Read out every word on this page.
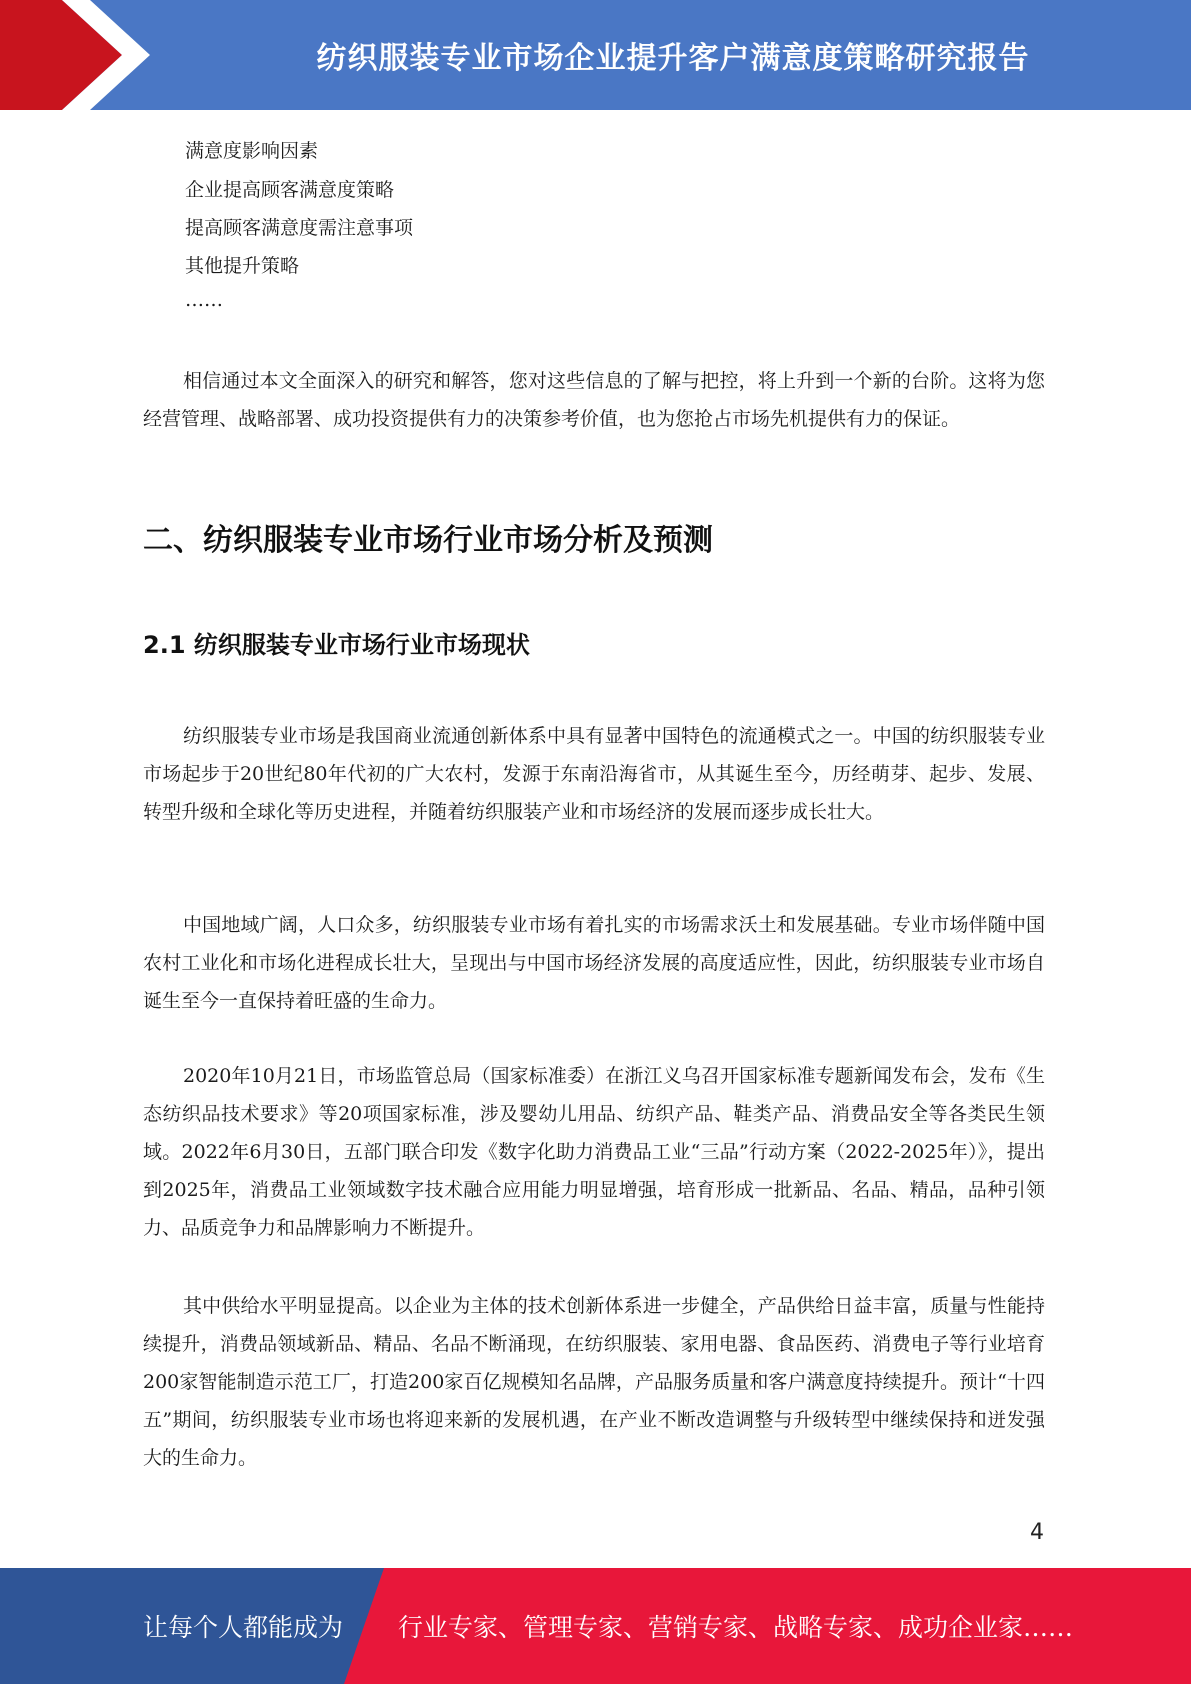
纺织服装专业市场企业提升客户满意度策略研究报告
满意度影响因素
企业提高顾客满意度策略
提高顾客满意度需注意事项
其他提升策略
……

相信通过本文全面深入的研究和解答，您对这些信息的了解与把控，将上升到一个新的台阶。这将为您经营管理、战略部署、成功投资提供有力的决策参考价值，也为您抢占市场先机提供有力的保证。

二、纺织服装专业市场行业市场分析及预测
2.1 纺织服装专业市场行业市场现状

纺织服装专业市场是我国商业流通创新体系中具有显著中国特色的流通模式之一。中国的纺织服装专业市场起步于20世纪80年代初的广大农村，发源于东南沿海省市，从其诞生至今，历经萌芽、起步、发展、转型升级和全球化等历史进程，并随着纺织服装产业和市场经济的发展而逐步成长壮大。

中国地域广阔，人口众多，纺织服装专业市场有着扎实的市场需求沃土和发展基础。专业市场伴随中国农村工业化和市场化进程成长壮大，呈现出与中国市场经济发展的高度适应性，因此，纺织服装专业市场自诞生至今一直保持着旺盛的生命力。

2020年10月21日，市场监管总局（国家标准委）在浙江义乌召开国家标准专题新闻发布会，发布《生态纺织品技术要求》等20项国家标准，涉及婴幼儿用品、纺织产品、鞋类产品、消费品安全等各类民生领域。2022年6月30日，五部门联合印发《数字化助力消费品工业“三品”行动方案（2022-2025年）》，提出到2025年，消费品工业领域数字技术融合应用能力明显增强，培育形成一批新品、名品、精品，品种引领力、品质竞争力和品牌影响力不断提升。

其中供给水平明显提高。以企业为主体的技术创新体系进一步健全，产品供给日益丰富，质量与性能持续提升，消费品领域新品、精品、名品不断涌现，在纺织服装、家用电器、食品医药、消费电子等行业培育200家智能制造示范工厂，打造200家百亿规模知名品牌，产品服务质量和客户满意度持续提升。预计“十四五”期间，纺织服装专业市场也将迎来新的发展机遇，在产业不断改造调整与升级转型中继续保持和迸发强大的生命力。

4
让每个人都能成为 行业专家、管理专家、营销专家、战略专家、成功企业家……
